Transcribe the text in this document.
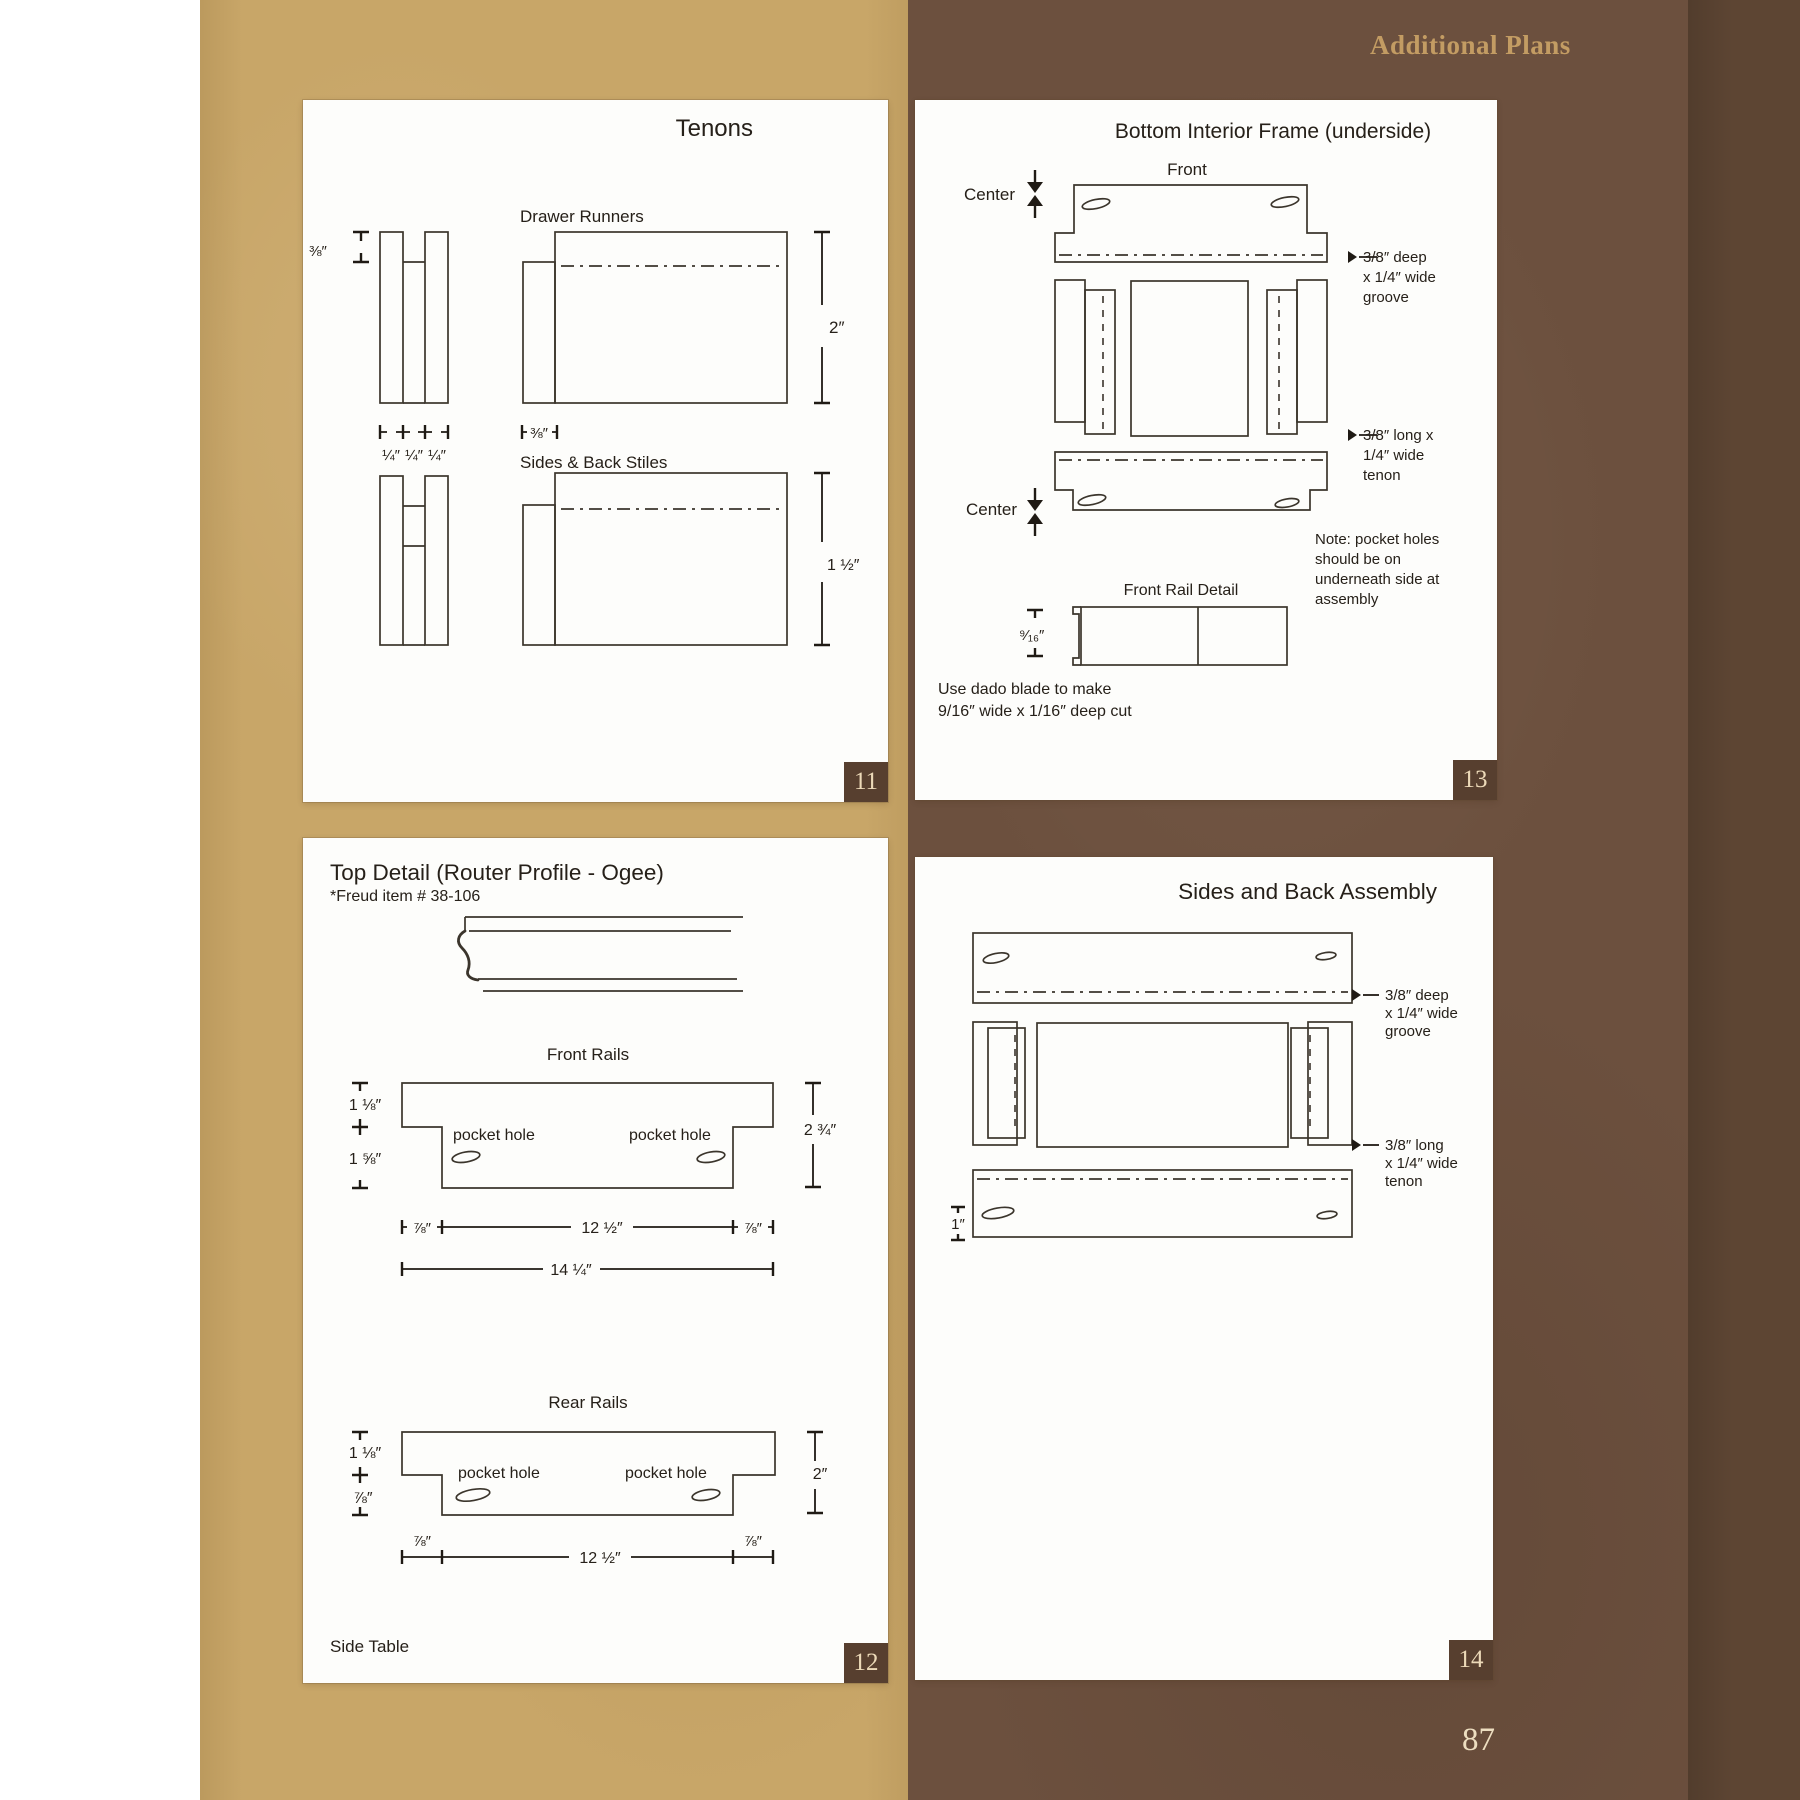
Additional Plans
Tenons
⅜″
¼″ ¼″ ¼″
Drawer Runners
2″
⅜″
Sides & Back Stiles
1 ½″
11
Bottom Interior Frame (underside)
Front
Center
3/8″ deep
x 1/4″ wide
groove
3/8″ long x
1/4″ wide
tenon
Center
Note: pocket holes
should be on
underneath side at
assembly
Front Rail Detail
⁹⁄₁₆″
Use dado blade to make
9/16″ wide x 1/16″ deep cut
13
Top Detail (Router Profile - Ogee)
*Freud item # 38-106
Front Rails
pocket hole	pocket hole
1 ⅛″
1 ⅝″
2 ¾″
⅞″	12 ½″	⅞″
14 ¼″
Rear Rails
pocket hole	pocket hole
1 ⅛″
⅞″
2″
⅞″
12 ½″
⅞″
Side Table
12
Sides and Back Assembly
3/8″ deep
x 1/4″ wide
groove
3/8″ long
x 1/4″ wide
tenon
1″
14
87
